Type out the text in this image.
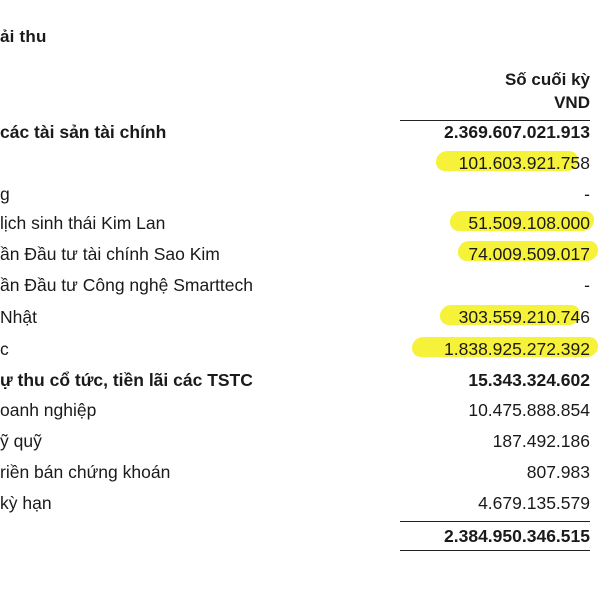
ải thu
Số cuối kỳ
VND
các tài sản tài chính	2.369.607.021.913
101.603.921.758
g	-
lịch sinh thái Kim Lan	51.509.108.000
ần Đầu tư tài chính Sao Kim	74.009.509.017
ần Đầu tư Công nghệ Smarttech	-
Nhật	303.559.210.746
c	1.838.925.272.392
ự thu cổ tức, tiền lãi các TSTC	15.343.324.602
oanh nghiệp	10.475.888.854
ỹ quỹ	187.492.186
riền bán chứng khoán	807.983
kỳ hạn	4.679.135.579
2.384.950.346.515
